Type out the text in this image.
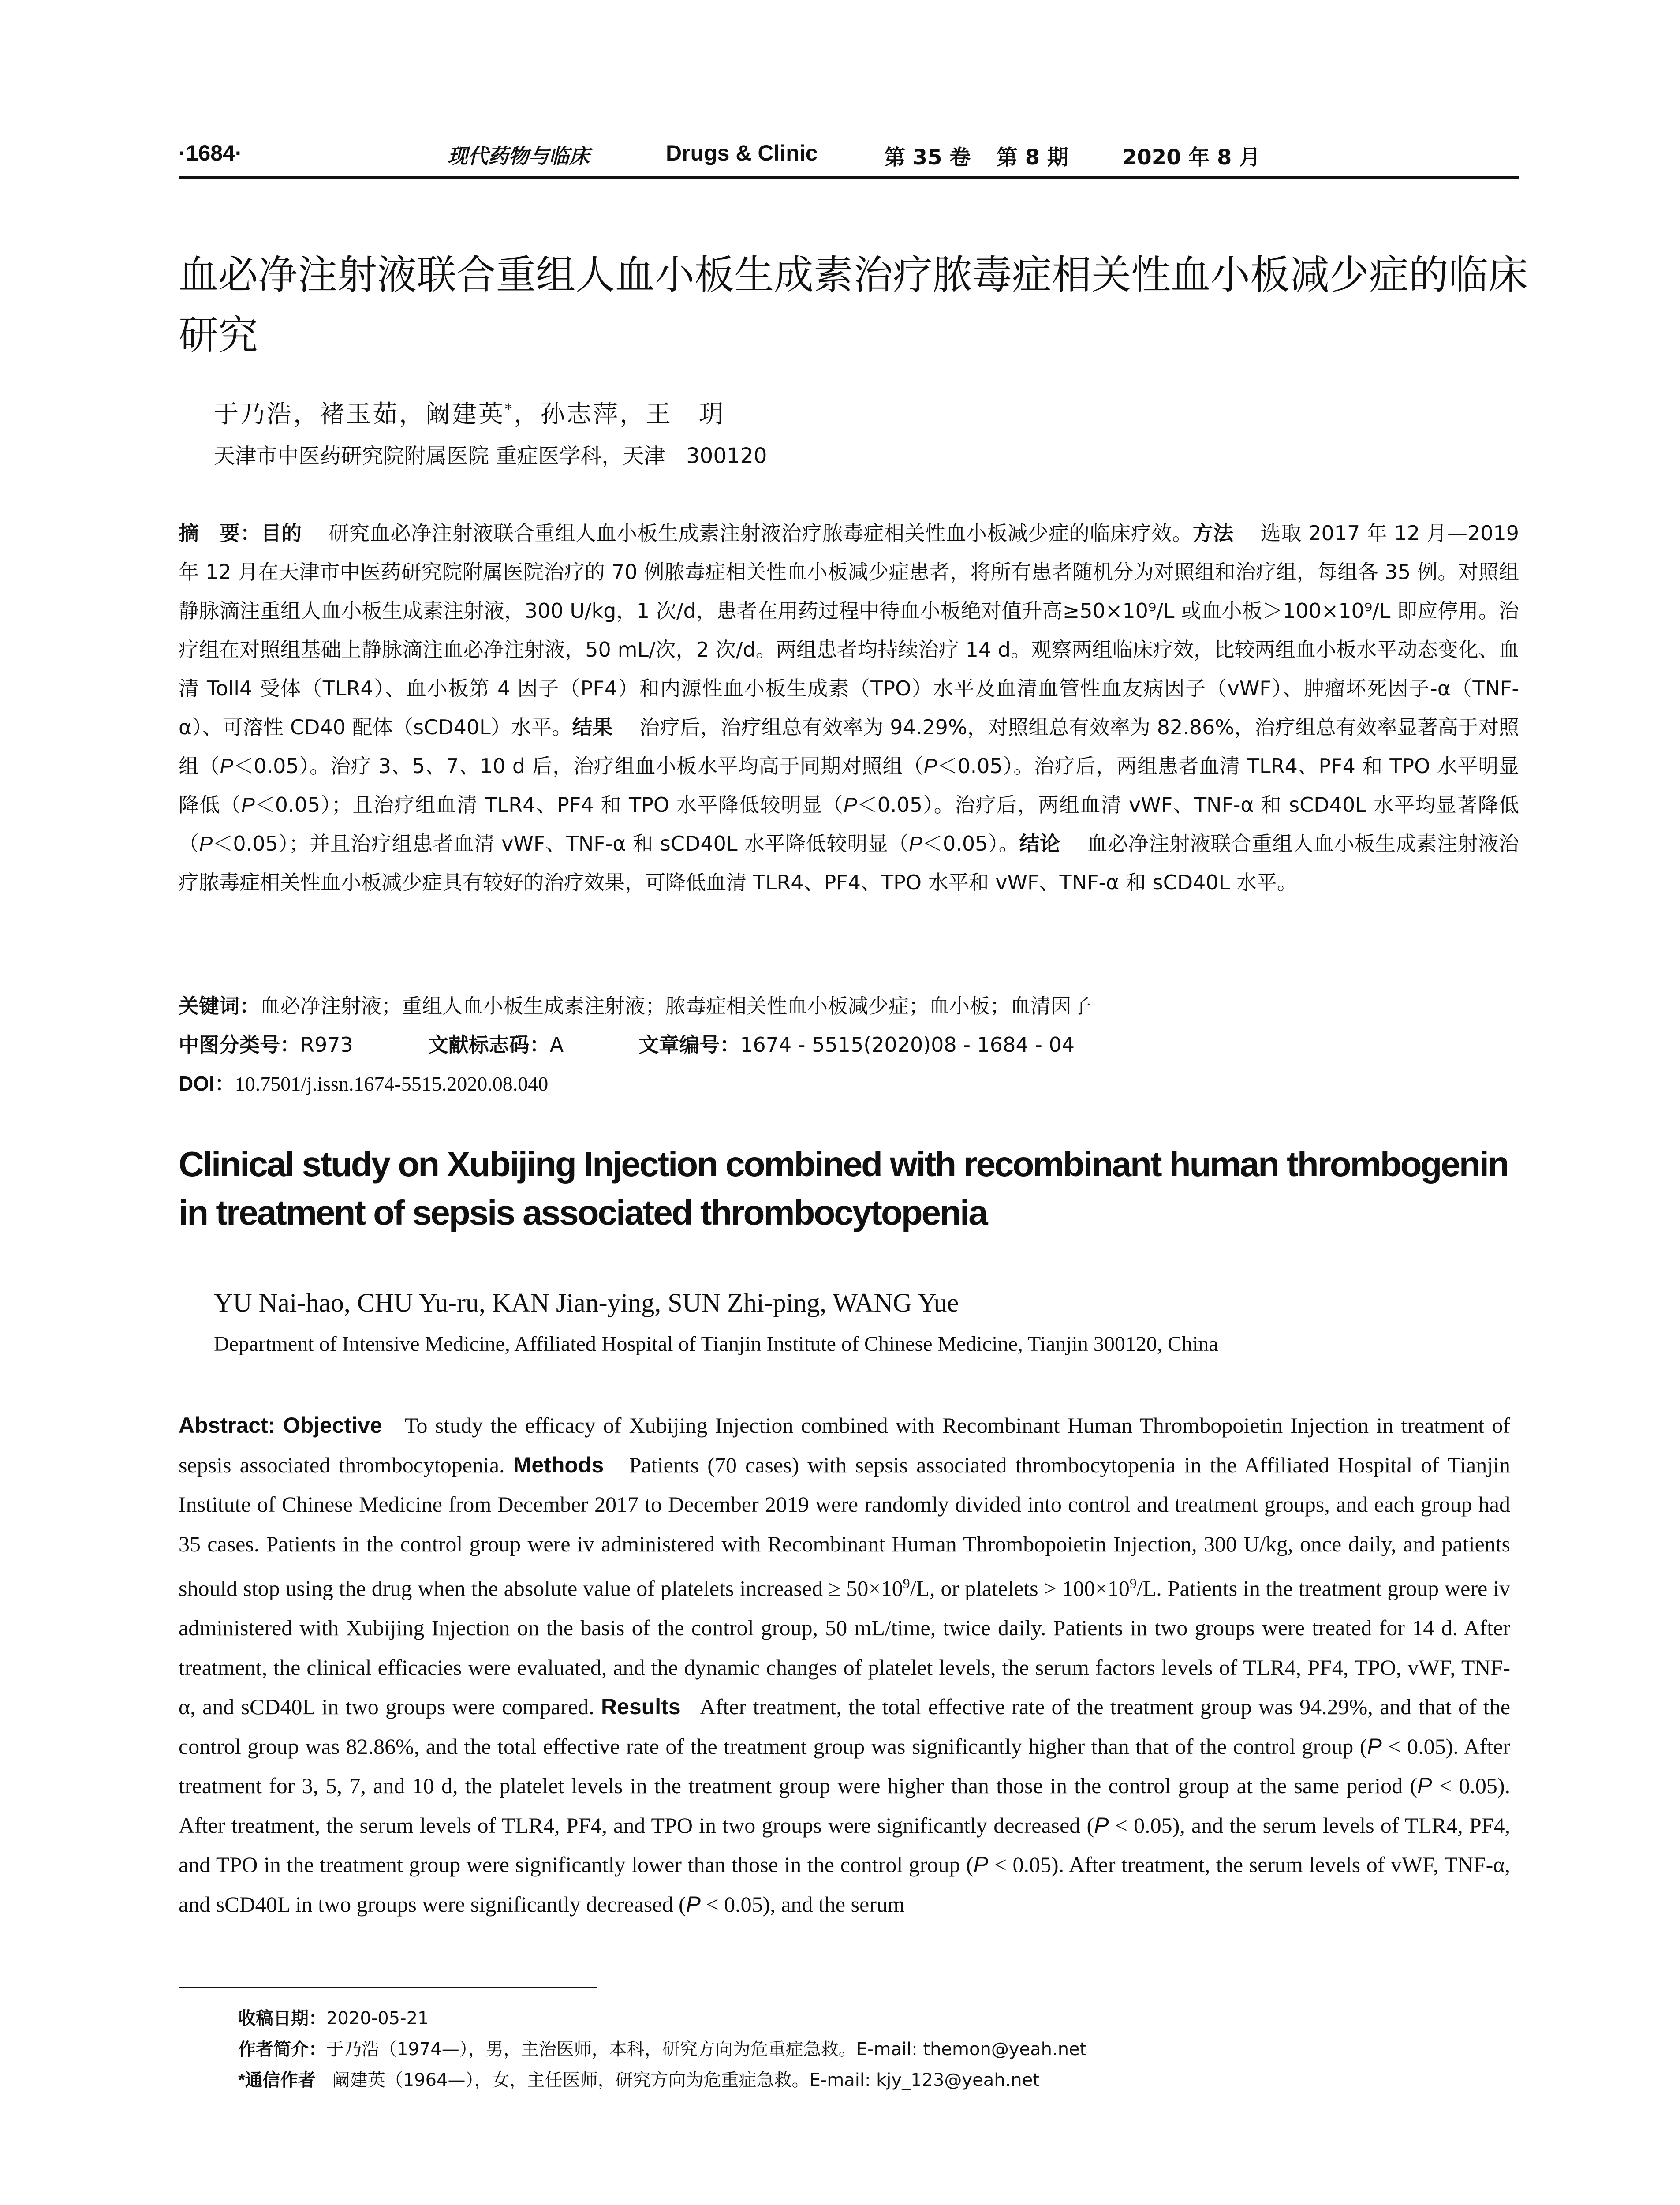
·1684·	现代药物与临床	Drugs & Clinic	第 35 卷 第 8 期	2020 年 8 月
血必净注射液联合重组人血小板生成素治疗脓毒症相关性血小板减少症的临床研究
于乃浩，褚玉茹，阚建英*，孙志萍，王　玥
天津市中医药研究院附属医院 重症医学科，天津　300120

摘　要：目的 研究血必净注射液联合重组人血小板生成素注射液治疗脓毒症相关性血小板减少症的临床疗效。方法 选取 2017 年 12 月—2019 年 12 月在天津市中医药研究院附属医院治疗的 70 例脓毒症相关性血小板减少症患者，将所有患者随机分为对照组和治疗组，每组各 35 例。对照组静脉滴注重组人血小板生成素注射液，300 U/kg，1 次/d，患者在用药过程中待血小板绝对值升高≥50×10⁹/L 或血小板＞100×10⁹/L 即应停用。治疗组在对照组基础上静脉滴注血必净注射液，50 mL/次，2 次/d。两组患者均持续治疗 14 d。观察两组临床疗效，比较两组血小板水平动态变化、血清 Toll4 受体（TLR4）、血小板第 4 因子（PF4）和内源性血小板生成素（TPO）水平及血清血管性血友病因子（vWF）、肿瘤坏死因子-α（TNF-α）、可溶性 CD40 配体（sCD40L）水平。结果 治疗后，治疗组总有效率为 94.29%，对照组总有效率为 82.86%，治疗组总有效率显著高于对照组（P＜0.05）。治疗 3、5、7、10 d 后，治疗组血小板水平均高于同期对照组（P＜0.05）。治疗后，两组患者血清 TLR4、PF4 和 TPO 水平明显降低（P＜0.05）；且治疗组血清 TLR4、PF4 和 TPO 水平降低较明显（P＜0.05）。治疗后，两组血清 vWF、TNF-α 和 sCD40L 水平均显著降低（P＜0.05）；并且治疗组患者血清 vWF、TNF-α 和 sCD40L 水平降低较明显（P＜0.05）。结论 血必净注射液联合重组人血小板生成素注射液治疗脓毒症相关性血小板减少症具有较好的治疗效果，可降低血清 TLR4、PF4、TPO 水平和 vWF、TNF-α 和 sCD40L 水平。

关键词：血必净注射液；重组人血小板生成素注射液；脓毒症相关性血小板减少症；血小板；血清因子
中图分类号：R973	文献标志码：A	文章编号：1674 - 5515(2020)08 - 1684 - 04
DOI：10.7501/j.issn.1674-5515.2020.08.040
Clinical study on Xubijing Injection combined with recombinant human thrombogenin in treatment of sepsis associated thrombocytopenia
YU Nai-hao, CHU Yu-ru, KAN Jian-ying, SUN Zhi-ping, WANG Yue
Department of Intensive Medicine, Affiliated Hospital of Tianjin Institute of Chinese Medicine, Tianjin 300120, China

Abstract: Objective To study the efficacy of Xubijing Injection combined with Recombinant Human Thrombopoietin Injection in treatment of sepsis associated thrombocytopenia. Methods Patients (70 cases) with sepsis associated thrombocytopenia in the Affiliated Hospital of Tianjin Institute of Chinese Medicine from December 2017 to December 2019 were randomly divided into control and treatment groups, and each group had 35 cases. Patients in the control group were iv administered with Recombinant Human Thrombopoietin Injection, 300 U/kg, once daily, and patients should stop using the drug when the absolute value of platelets increased ≥ $50\times 10^9/L$, or platelets > $100\times 10^9/L$. Patients in the treatment group were iv administered with Xubijing Injection on the basis of the control group, 50 mL/time, twice daily. Patients in two groups were treated for 14 d. After treatment, the clinical efficacies were evaluated, and the dynamic changes of platelet levels, the serum factors levels of TLR4, PF4, TPO, vWF, TNF-α, and sCD40L in two groups were compared. Results After treatment, the total effective rate of the treatment group was 94.29%, and that of the control group was 82.86%, and the total effective rate of the treatment group was significantly higher than that of the control group (P < 0.05). After treatment for 3, 5, 7, and 10 d, the platelet levels in the treatment group were higher than those in the control group at the same period (P < 0.05). After treatment, the serum levels of TLR4, PF4, and TPO in two groups were significantly decreased (P < 0.05), and the serum levels of TLR4, PF4, and TPO in the treatment group were significantly lower than those in the control group (P < 0.05). After treatment, the serum levels of vWF, TNF-α, and sCD40L in two groups were significantly decreased (P < 0.05), and the serum

收稿日期：2020-05-21
作者简介：于乃浩（1974—），男，主治医师，本科，研究方向为危重症急救。E-mail: themon@yeah.net
*通信作者 阚建英（1964—），女，主任医师，研究方向为危重症急救。E-mail: kjy_123@yeah.net
